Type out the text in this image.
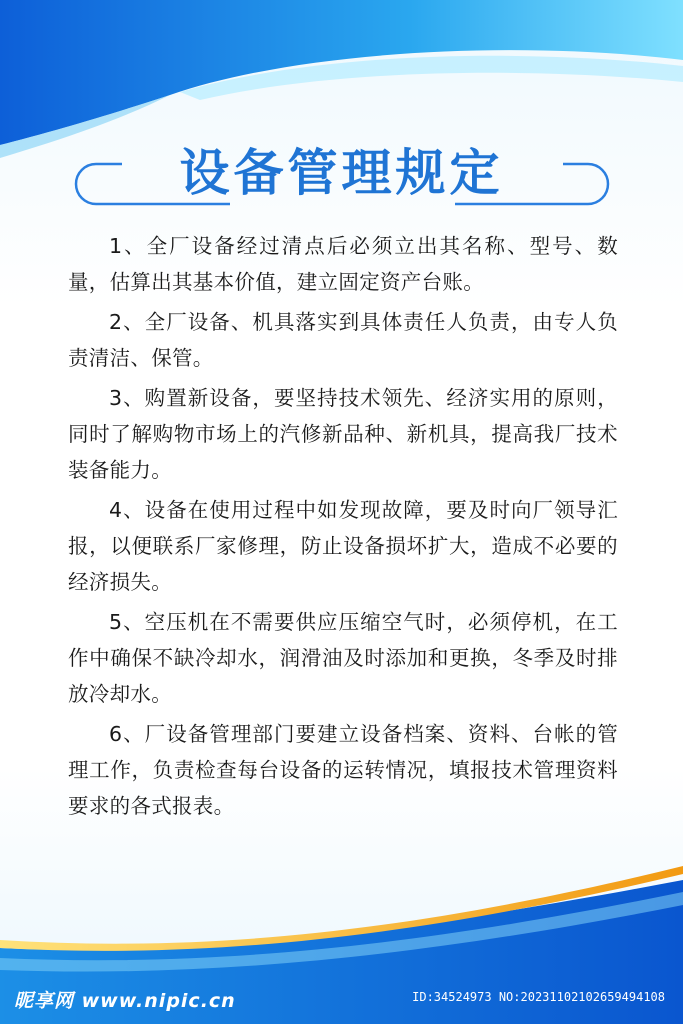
设备管理规定

1、全厂设备经过清点后必须立出其名称、型号、数量，估算出其基本价值，建立固定资产台账。

2、全厂设备、机具落实到具体责任人负责，由专人负责清洁、保管。

3、购置新设备，要坚持技术领先、经济实用的原则，同时了解购物市场上的汽修新品种、新机具，提高我厂技术装备能力。

4、设备在使用过程中如发现故障，要及时向厂领导汇报，以便联系厂家修理，防止设备损坏扩大，造成不必要的经济损失。

5、空压机在不需要供应压缩空气时，必须停机，在工作中确保不缺冷却水，润滑油及时添加和更换，冬季及时排放冷却水。

6、厂设备管理部门要建立设备档案、资料、台帐的管理工作，负责检查每台设备的运转情况，填报技术管理资料要求的各式报表。

昵享网 www.nipic.cn	ID:34524973 NO:20231102102659494108
